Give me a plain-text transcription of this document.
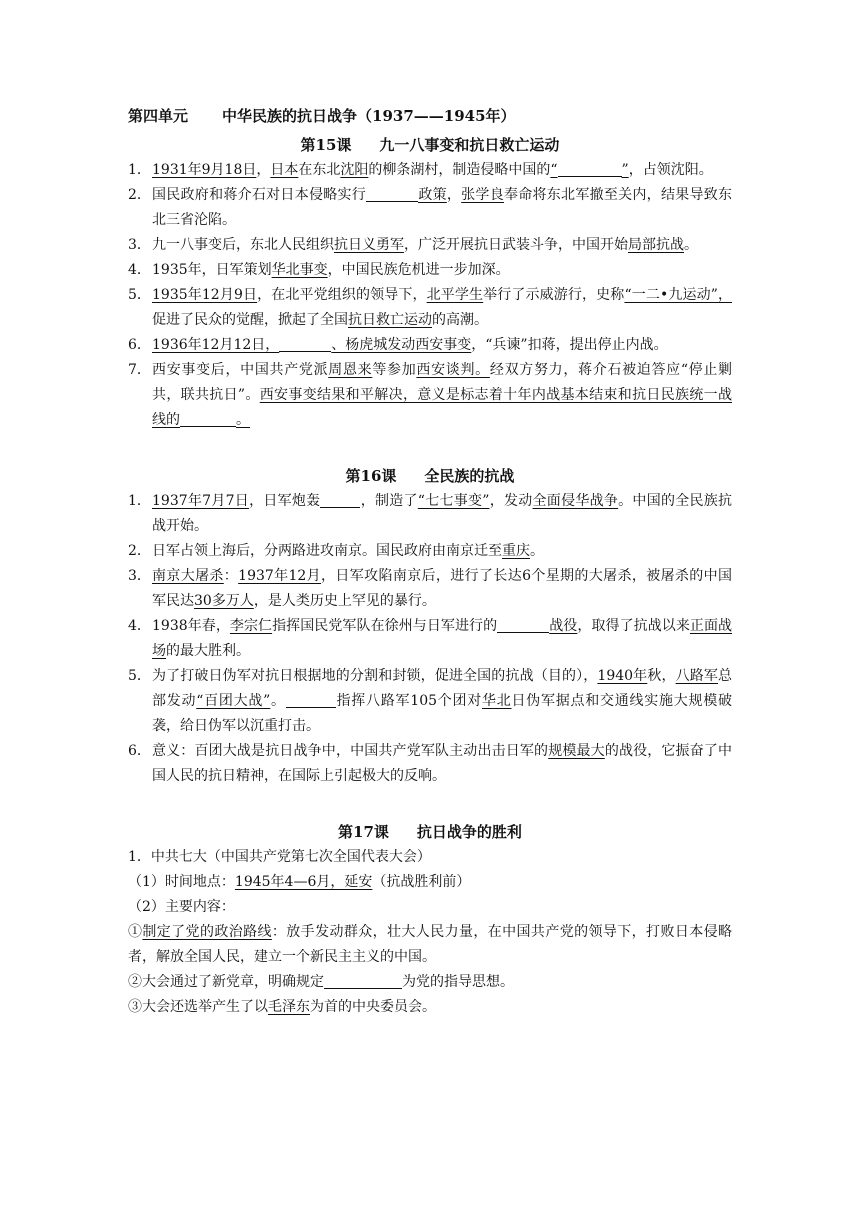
第四单元 中华民族的抗日战争（1937——1945年）
第15课 九一八事变和抗日救亡运动
1． 1931年9月18日，日本在东北沈阳的柳条湖村，制造侵略中国的“	”，占领沈阳。
2． 国民政府和蒋介石对日本侵略实行	政策，张学良奉命将东北军撤至关内，结果导致东北三省沦陷。
3． 九一八事变后，东北人民组织抗日义勇军，广泛开展抗日武装斗争，中国开始局部抗战。
4． 1935年，日军策划华北事变，中国民族危机进一步加深。
5． 1935年12月9日，在北平党组织的领导下，北平学生举行了示威游行，史称“一二•九运动”，促进了民众的觉醒，掀起了全国抗日救亡运动的高潮。
6． 1936年12月12日，	、杨虎城发动西安事变，“兵谏”扣蒋，提出停止内战。
7． 西安事变后，中国共产党派周恩来等参加西安谈判。经双方努力，蒋介石被迫答应“停止剿共，联共抗日”。西安事变结果和平解决，意义是标志着十年内战基本结束和抗日民族统一战线的	。
第16课 全民族的抗战
1． 1937年7月7日，日军炮轰	，制造了“七七事变”，发动全面侵华战争。中国的全民族抗战开始。
2． 日军占领上海后，分两路进攻南京。国民政府由南京迁至重庆。
3． 南京大屠杀：1937年12月，日军攻陷南京后，进行了长达6个星期的大屠杀，被屠杀的中国军民达30多万人，是人类历史上罕见的暴行。
4． 1938年春，李宗仁指挥国民党军队在徐州与日军进行的	战役，取得了抗战以来正面战场的最大胜利。
5． 为了打破日伪军对抗日根据地的分割和封锁，促进全国的抗战（目的），1940年秋，八路军总部发动“百团大战”。	指挥八路军105个团对华北日伪军据点和交通线实施大规模破袭，给日伪军以沉重打击。
6． 意义：百团大战是抗日战争中，中国共产党军队主动出击日军的规模最大的战役，它振奋了中国人民的抗日精神，在国际上引起极大的反响。
第17课 抗日战争的胜利
1．中共七大（中国共产党第七次全国代表大会）
（1）时间地点：1945年4—6月，延安（抗战胜利前）
（2）主要内容：
①制定了党的政治路线：放手发动群众，壮大人民力量，在中国共产党的领导下，打败日本侵略者，解放全国人民，建立一个新民主主义的中国。
②大会通过了新党章，明确规定	为党的指导思想。
③大会还选举产生了以毛泽东为首的中央委员会。
